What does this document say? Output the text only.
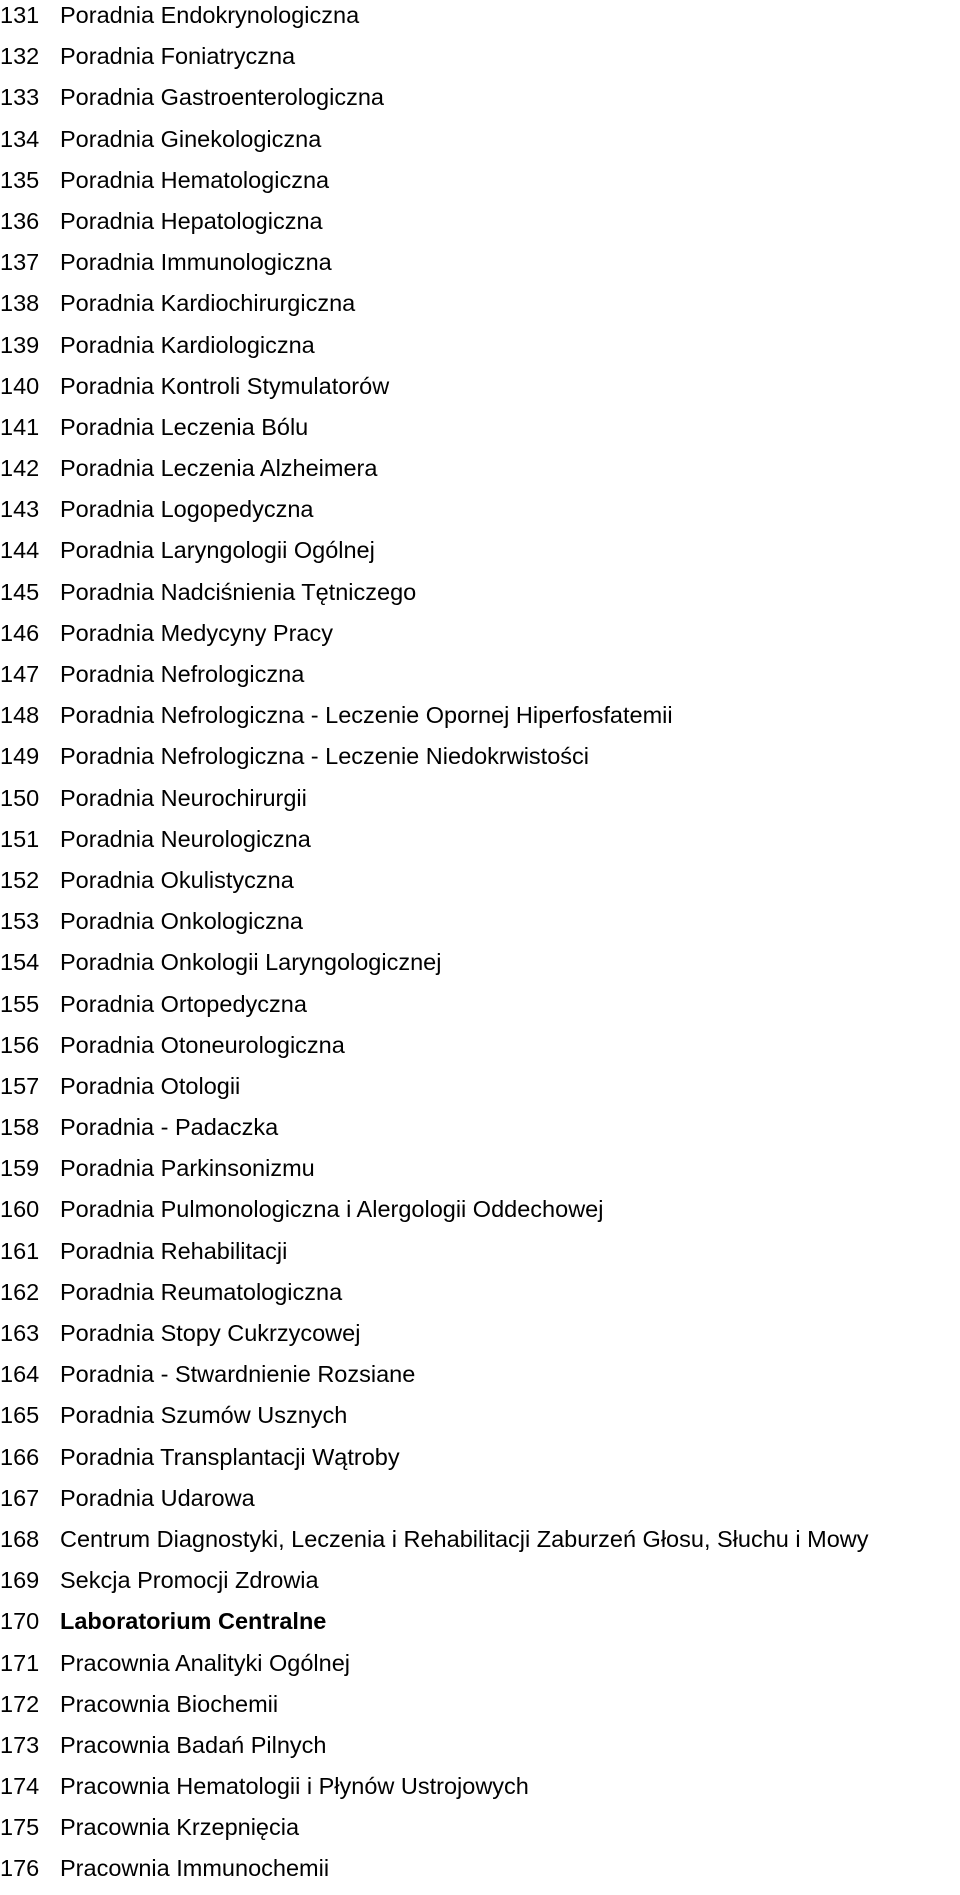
131 Poradnia Endokrynologiczna
132 Poradnia Foniatryczna
133 Poradnia Gastroenterologiczna
134 Poradnia Ginekologiczna
135 Poradnia Hematologiczna
136 Poradnia Hepatologiczna
137 Poradnia Immunologiczna
138 Poradnia Kardiochirurgiczna
139 Poradnia Kardiologiczna
140 Poradnia Kontroli Stymulatorów
141 Poradnia Leczenia Bólu
142 Poradnia Leczenia Alzheimera
143 Poradnia Logopedyczna
144 Poradnia Laryngologii Ogólnej
145 Poradnia Nadciśnienia Tętniczego
146 Poradnia Medycyny Pracy
147 Poradnia Nefrologiczna
148 Poradnia Nefrologiczna - Leczenie Opornej Hiperfosfatemii
149 Poradnia Nefrologiczna - Leczenie Niedokrwistości
150 Poradnia Neurochirurgii
151 Poradnia Neurologiczna
152 Poradnia Okulistyczna
153 Poradnia Onkologiczna
154 Poradnia Onkologii Laryngologicznej
155 Poradnia Ortopedyczna
156 Poradnia Otoneurologiczna
157 Poradnia Otologii
158 Poradnia - Padaczka
159 Poradnia Parkinsonizmu
160 Poradnia Pulmonologiczna i Alergologii Oddechowej
161 Poradnia Rehabilitacji
162 Poradnia Reumatologiczna
163 Poradnia Stopy Cukrzycowej
164 Poradnia - Stwardnienie Rozsiane
165 Poradnia Szumów Usznych
166 Poradnia Transplantacji Wątroby
167 Poradnia Udarowa
168 Centrum Diagnostyki, Leczenia i Rehabilitacji Zaburzeń Głosu, Słuchu i Mowy
169 Sekcja Promocji Zdrowia
170 Laboratorium Centralne
171 Pracownia Analityki Ogólnej
172 Pracownia Biochemii
173 Pracownia Badań Pilnych
174 Pracownia Hematologii i Płynów Ustrojowych
175 Pracownia Krzepnięcia
176 Pracownia Immunochemii
